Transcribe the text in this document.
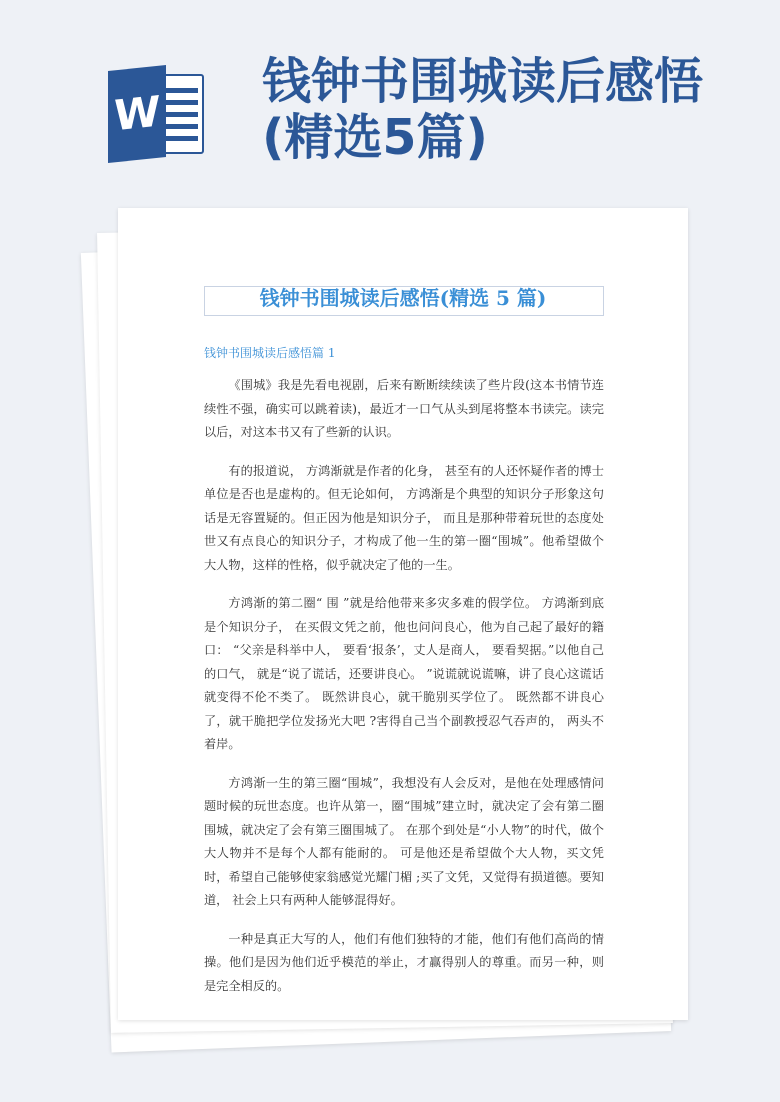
W
钱钟书围城读后感悟(精选5篇)
钱钟书围城读后感悟(精选 5 篇)

钱钟书围城读后感悟篇 1

《围城》我是先看电视剧，后来有断断续续读了些片段(这本书情节连续性不强，确实可以跳着读)，最近才一口气从头到尾将整本书读完。读完以后，对这本书又有了些新的认识。

有的报道说， 方鸿渐就是作者的化身， 甚至有的人还怀疑作者的博士单位是否也是虚构的。但无论如何， 方鸿渐是个典型的知识分子形象这句话是无容置疑的。但正因为他是知识分子， 而且是那种带着玩世的态度处世又有点良心的知识分子，才构成了他一生的第一圈“围城”。他希望做个大人物，这样的性格，似乎就决定了他的一生。

方鸿渐的第二圈“ 围 ”就是给他带来多灾多难的假学位。 方鸿渐到底是个知识分子， 在买假文凭之前，他也问问良心，他为自己起了最好的籍口： “父亲是科举中人， 要看‘报条’，丈人是商人， 要看契据。”以他自己的口气， 就是“说了谎话，还要讲良心。 ”说谎就说谎嘛，讲了良心这谎话就变得不伦不类了。 既然讲良心，就干脆别买学位了。 既然都不讲良心了，就干脆把学位发扬光大吧 ?害得自己当个副教授忍气吞声的， 两头不着岸。

方鸿渐一生的第三圈“围城”，我想没有人会反对，是他在处理感情问题时候的玩世态度。也许从第一，圈“围城”建立时，就决定了会有第二圈围城，就决定了会有第三圈围城了。 在那个到处是“小人物”的时代，做个大人物并不是每个人都有能耐的。 可是他还是希望做个大人物，买文凭时，希望自己能够使家翁感觉光耀门楣 ;买了文凭，又觉得有损道德。要知道， 社会上只有两种人能够混得好。

一种是真正大写的人，他们有他们独特的才能，他们有他们高尚的情操。他们是因为他们近乎模范的举止，才赢得别人的尊重。而另一种，则是完全相反的。
